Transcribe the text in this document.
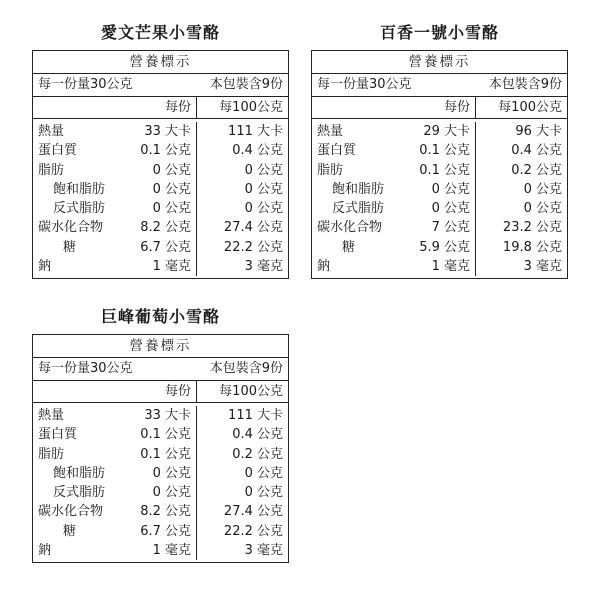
愛文芒果小雪酪
營養標示
每一份量30公克	本包裝含9份
每份	每100公克
熱量	33 大卡	111 大卡
蛋白質	0.1 公克	0.4 公克
脂肪	0 公克	0 公克
飽和脂肪	0 公克	0 公克
反式脂肪	0 公克	0 公克
碳水化合物	8.2 公克	27.4 公克
糖	6.7 公克	22.2 公克
鈉	1 毫克	3 毫克
百香一號小雪酪
營養標示
每一份量30公克	本包裝含9份
每份	每100公克
熱量	29 大卡	96 大卡
蛋白質	0.1 公克	0.4 公克
脂肪	0.1 公克	0.2 公克
飽和脂肪	0 公克	0 公克
反式脂肪	0 公克	0 公克
碳水化合物	7 公克	23.2 公克
糖	5.9 公克	19.8 公克
鈉	1 毫克	3 毫克
巨峰葡萄小雪酪
營養標示
每一份量30公克	本包裝含9份
每份	每100公克
熱量	33 大卡	111 大卡
蛋白質	0.1 公克	0.4 公克
脂肪	0.1 公克	0.2 公克
飽和脂肪	0 公克	0 公克
反式脂肪	0 公克	0 公克
碳水化合物	8.2 公克	27.4 公克
糖	6.7 公克	22.2 公克
鈉	1 毫克	3 毫克
